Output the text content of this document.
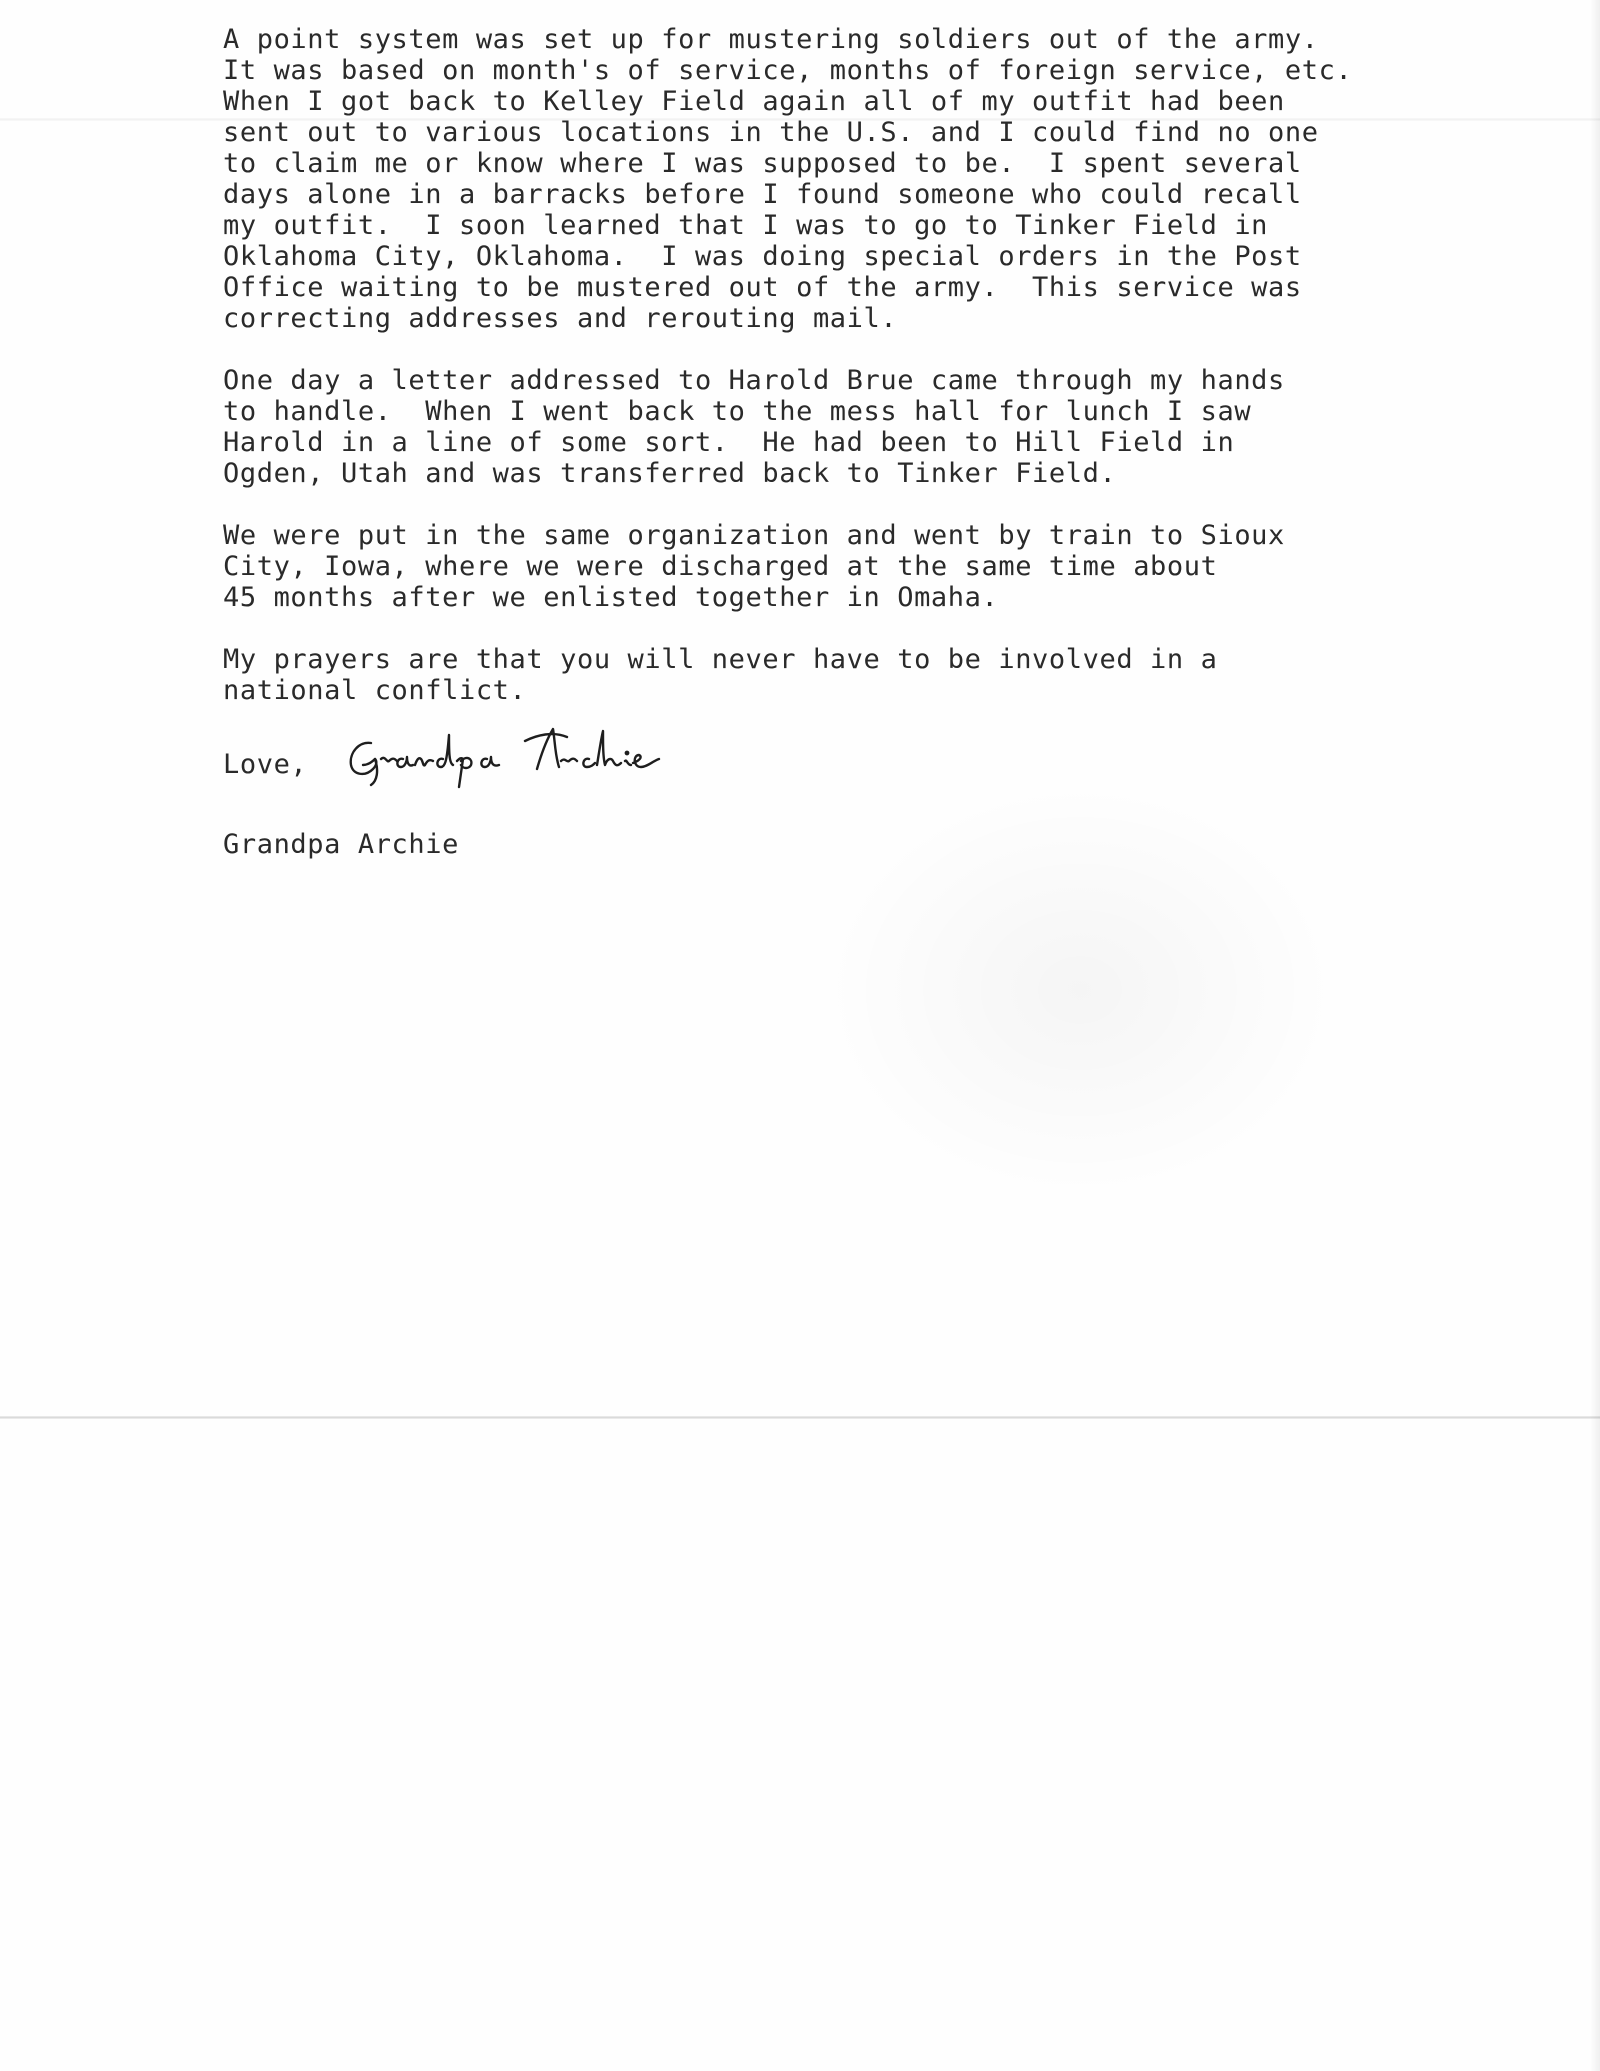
A point system was set up for mustering soldiers out of the army.
It was based on month's of service, months of foreign service, etc.
When I got back to Kelley Field again all of my outfit had been
sent out to various locations in the U.S. and I could find no one
to claim me or know where I was supposed to be.  I spent several
days alone in a barracks before I found someone who could recall
my outfit.  I soon learned that I was to go to Tinker Field in
Oklahoma City, Oklahoma.  I was doing special orders in the Post
Office waiting to be mustered out of the army.  This service was
correcting addresses and rerouting mail.
One day a letter addressed to Harold Brue came through my hands
to handle.  When I went back to the mess hall for lunch I saw
Harold in a line of some sort.  He had been to Hill Field in
Ogden, Utah and was transferred back to Tinker Field.
We were put in the same organization and went by train to Sioux
City, Iowa, where we were discharged at the same time about
45 months after we enlisted together in Omaha.
My prayers are that you will never have to be involved in a
national conflict.
Love,
Grandpa Archie
